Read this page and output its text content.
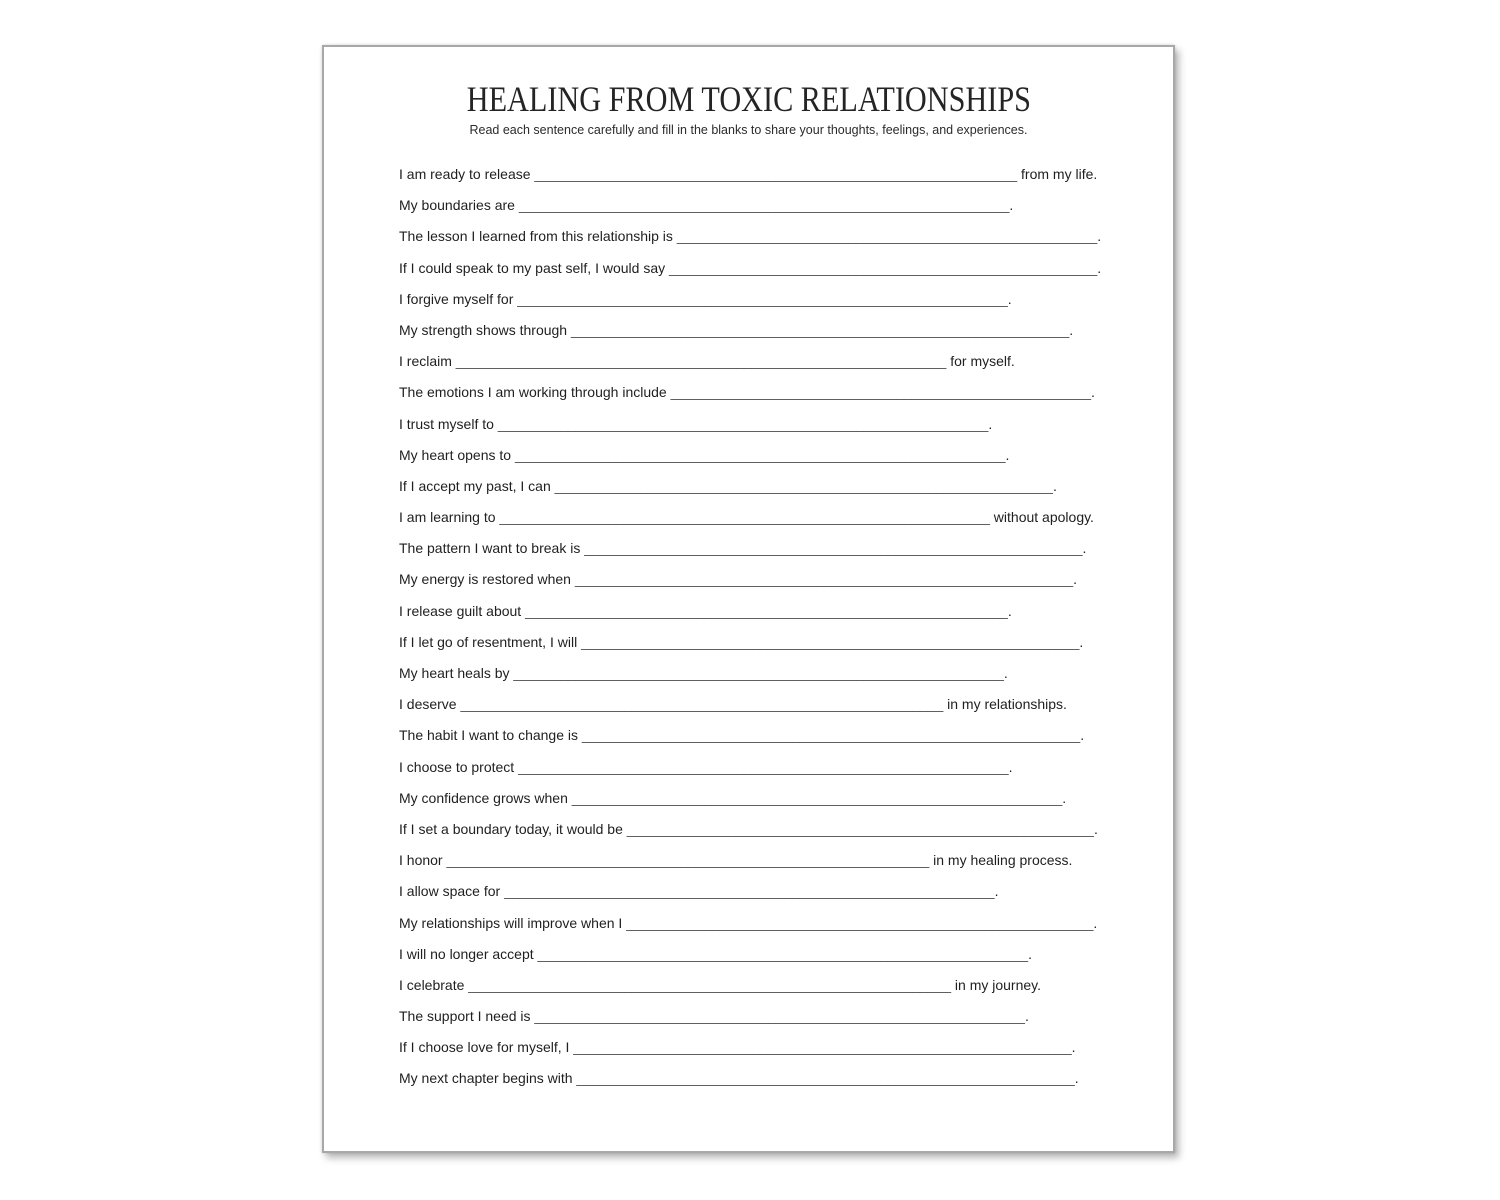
HEALING FROM TOXIC RELATIONSHIPS

Read each sentence carefully and fill in the blanks to share your thoughts, feelings, and experiences.

I am ready to release ______________________________________________________________ from my life.
My boundaries are _______________________________________________________________.
The lesson I learned from this relationship is ______________________________________________________.
If I could speak to my past self, I would say _______________________________________________________.
I forgive myself for _______________________________________________________________.
My strength shows through ________________________________________________________________.
I reclaim _______________________________________________________________ for myself.
The emotions I am working through include ______________________________________________________.
I trust myself to _______________________________________________________________.
My heart opens to _______________________________________________________________.
If I accept my past, I can ________________________________________________________________.
I am learning to _______________________________________________________________ without apology.
The pattern I want to break is ________________________________________________________________.
My energy is restored when ________________________________________________________________.
I release guilt about ______________________________________________________________.
If I let go of resentment, I will ________________________________________________________________.
My heart heals by _______________________________________________________________.
I deserve ______________________________________________________________ in my relationships.
The habit I want to change is ________________________________________________________________.
I choose to protect _______________________________________________________________.
My confidence grows when _______________________________________________________________.
If I set a boundary today, it would be ____________________________________________________________.
I honor ______________________________________________________________ in my healing process.
I allow space for _______________________________________________________________.
My relationships will improve when I ____________________________________________________________.
I will no longer accept _______________________________________________________________.
I celebrate ______________________________________________________________ in my journey.
The support I need is _______________________________________________________________.
If I choose love for myself, I ________________________________________________________________.
My next chapter begins with ________________________________________________________________.
